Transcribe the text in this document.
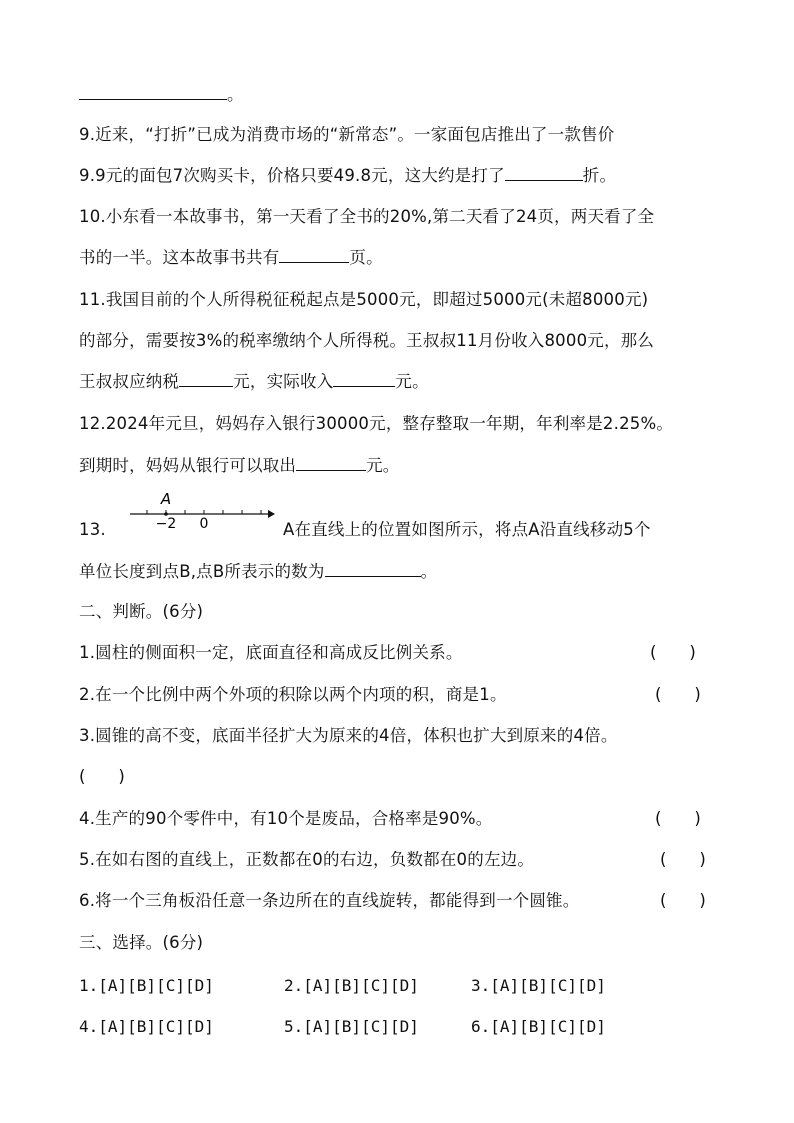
。
9.近来，“打折”已成为消费市场的“新常态”。一家面包店推出了一款售价
9.9元的面包7次购买卡，价格只要49.8元，这大约是打了	折。
10.小东看一本故事书，第一天看了全书的20%,第二天看了24页，两天看了全
书的一半。这本故事书共有	页。
11.我国目前的个人所得税征税起点是5000元，即超过5000元(未超8000元)
的部分，需要按3%的税率缴纳个人所得税。王叔叔11月份收入8000元，那么
王叔叔应纳税	元，实际收入	元。
12.2024年元旦，妈妈存入银行30000元，整存整取一年期，年利率是2.25%。
到期时，妈妈从银行可以取出	元。
13.
A
−2 0	A在直线上的位置如图所示，将点A沿直线移动5个
单位长度到点B,点B所表示的数为	。
二、判断。(6分)
1.圆柱的侧面积一定，底面直径和高成反比例关系。	(　　)
2.在一个比例中两个外项的积除以两个内项的积，商是1。	(　　)
3.圆锥的高不变，底面半径扩大为原来的4倍，体积也扩大到原来的4倍。
(　　)
4.生产的90个零件中，有10个是废品，合格率是90%。	(　　)
5.在如右图的直线上，正数都在0的右边，负数都在0的左边。	(　　)
6.将一个三角板沿任意一条边所在的直线旋转，都能得到一个圆锥。	(　　)
三、选择。(6分)
1.[A][B][C][D]	2.[A][B][C][D]	3.[A][B][C][D]
4.[A][B][C][D]	5.[A][B][C][D]	6.[A][B][C][D]
